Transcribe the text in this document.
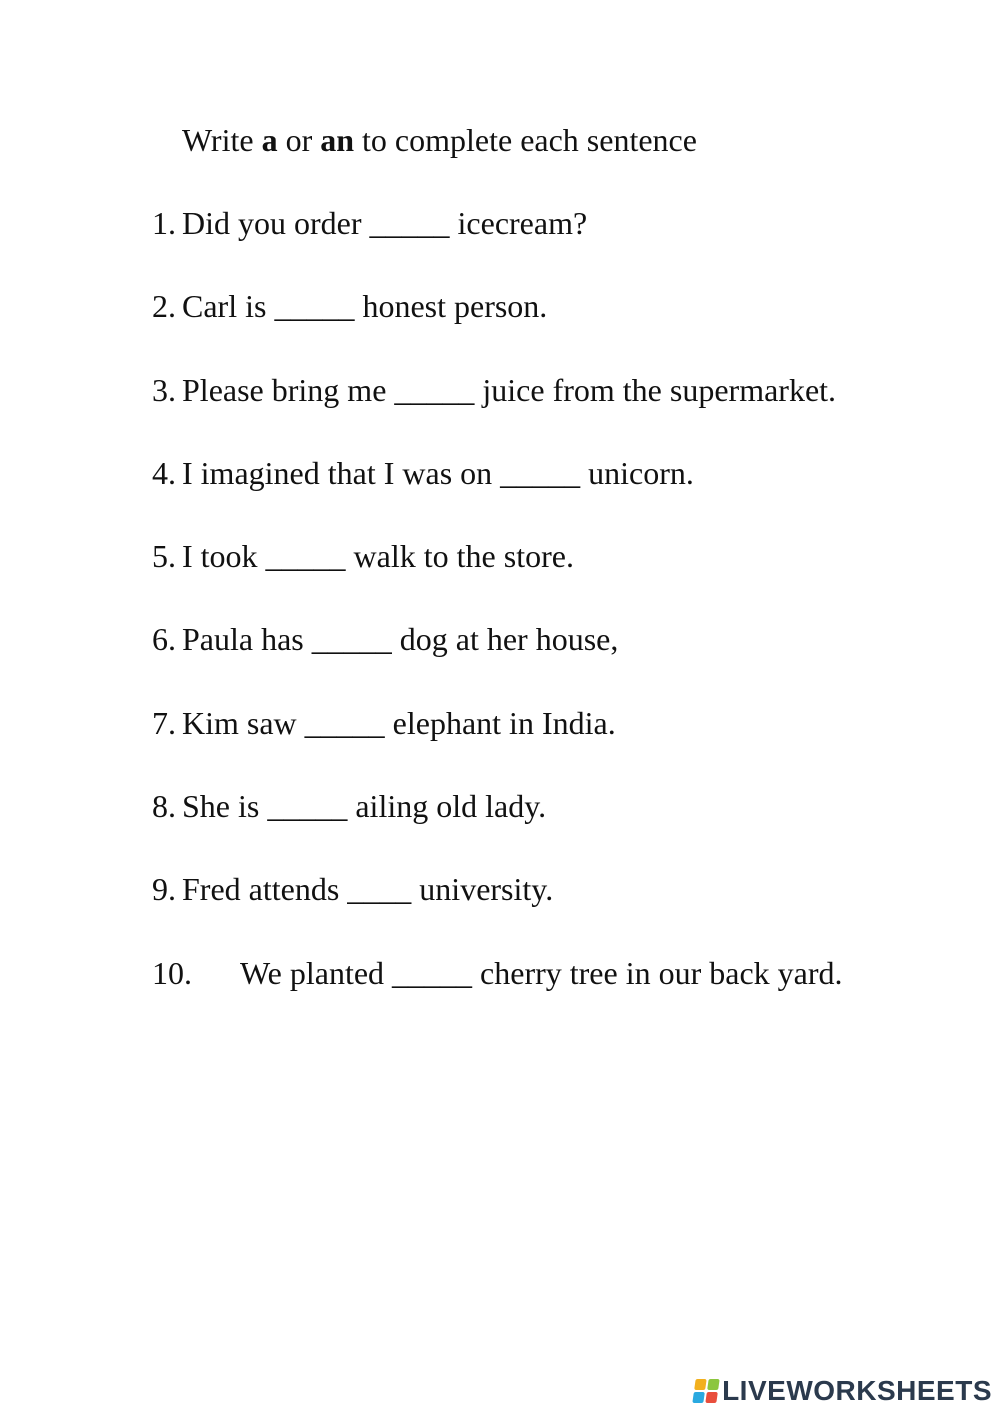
Write a or an to complete each sentence
1. Did you order _____ icecream?
2. Carl is _____ honest person.
3. Please bring me _____ juice from the supermarket.
4. I imagined that I was on _____ unicorn.
5. I took _____ walk to the store.
6. Paula has _____ dog at her house,
7. Kim saw _____ elephant in India.
8. She is _____ ailing old lady.
9. Fred attends ____ university.
10. We planted _____ cherry tree in our back yard.
LIVEWORKSHEETS
